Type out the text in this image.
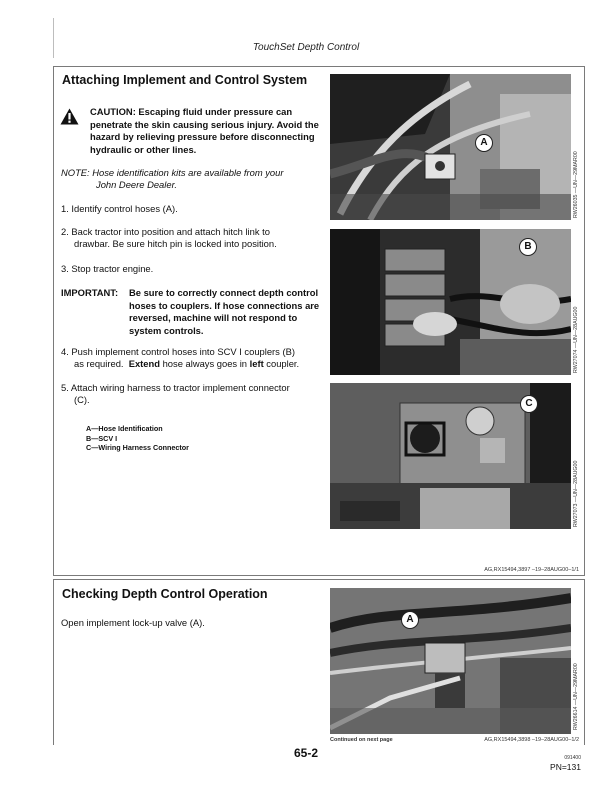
TouchSet Depth Control
Attaching Implement and Control System
CAUTION: Escaping fluid under pressure can penetrate the skin causing serious injury. Avoid the hazard by relieving pressure before disconnecting hydraulic or other lines.
NOTE: Hose identification kits are available from your
John Deere Dealer.
1. Identify control hoses (A).
2. Back tractor into position and attach hitch link to
drawbar. Be sure hitch pin is locked into position.
3. Stop tractor engine.
IMPORTANT: Be sure to correctly connect depth control hoses to couplers. If hose connections are reversed, machine will not respond to system controls.
4. Push implement control hoses into SCV I couplers (B)
as required.  Extend hose always goes in left coupler.
5. Attach wiring harness to tractor implement connector
(C).
A—Hose Identification
B—SCV I
C—Wiring Harness Connector
A
RW26035 —UN—29MAR00
B
RW27074 —UN—28AUG00
C
RW27073 —UN—28AUG00
AG,RX15494,3897 –19–28AUG00–1/1
Checking Depth Control Operation
Open implement lock-up valve (A).	A
RW26614 —UN—29MAR00
Continued on next page	AG,RX15494,3898 –19–28AUG00–1/2
65-2	091400
PN=131
